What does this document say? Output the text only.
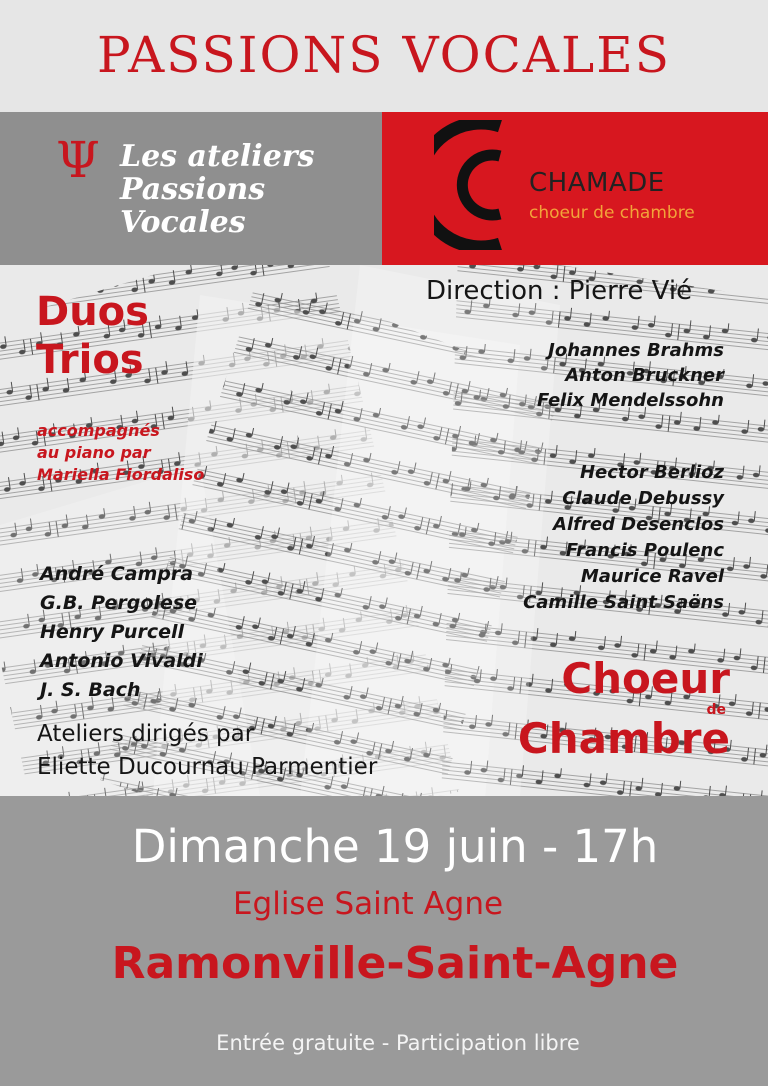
PASSIONS VOCALES
Ψ Les ateliers
Passions
Vocales
CHAMADE
choeur de chambre
Duos
Trios
accompagnés
au piano par
Mariella Fiordaliso
André Campra
G.B. Pergolese
Henry Purcell
Antonio Vivaldi
J. S. Bach
Ateliers dirigés par
Eliette Ducournau Parmentier
Direction : Pierre Vié
Johannes Brahms
Anton Bruckner
Felix Mendelssohn
Hector Berlioz
Claude Debussy
Alfred Desenclos
Francis Poulenc
Maurice Ravel
Camille Saint Saëns
Choeur
de
Chambre
Dimanche 19 juin - 17h
Eglise Saint Agne
Ramonville-Saint-Agne
Entrée gratuite - Participation libre
